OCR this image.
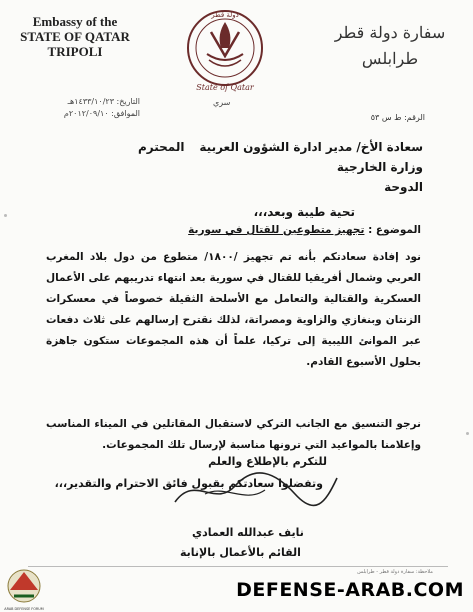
Embassy of the
STATE OF QATAR
TRIPOLI
دولة قطر
State of Qatar
سفارة دولة قطر
طرابلس
التاريخ: ١٤٣٣/١٠/٢٣هـ
الموافق: ٢٠١٢/٠٩/١٠م
سري
الرقم: ط س ٥٣
سعادة الأخ/ مدير ادارة الشؤون العربية
المحترم
وزارة الخارجية
الدوحة
تحية طيبة وبعد،،،
الموضوع : تجهيز متطوعين للقتال في سورية

نود إفادة سعادتكم بأنه تم تجهيز /١٨٠٠/ متطوع من دول بلاد المغرب العربي وشمال أفريقيا للقتال في سورية بعد انتهاء تدريبهم على الأعمال العسكرية والقتالية والتعامل مع الأسلحة الثقيلة خصوصاً في معسكرات الزنتان وبنغازي والزاوية ومصراتة، لذلك نقترح إرسالهم على ثلاث دفعات عبر الموانئ الليبية إلى تركيا، علماً أن هذه المجموعات ستكون جاهزة بحلول الأسبوع القادم.

نرجو التنسيق مع الجانب التركي لاستقبال المقاتلين في الميناء المناسب وإعلامنا بالمواعيد التي ترونها مناسبة لإرسال تلك المجموعات.

للتكرم بالإطلاع والعلم
وتفضلوا سعادتكم بقبول فائق الاحترام والتقدير،،،
نايف عبدالله العمادي
القائم بالأعمال بالإنابة
ملاحظة: سفارة دولة قطر - طرابلس
ARAB DEFENSE FORUM
DEFENSE-ARAB.COM
